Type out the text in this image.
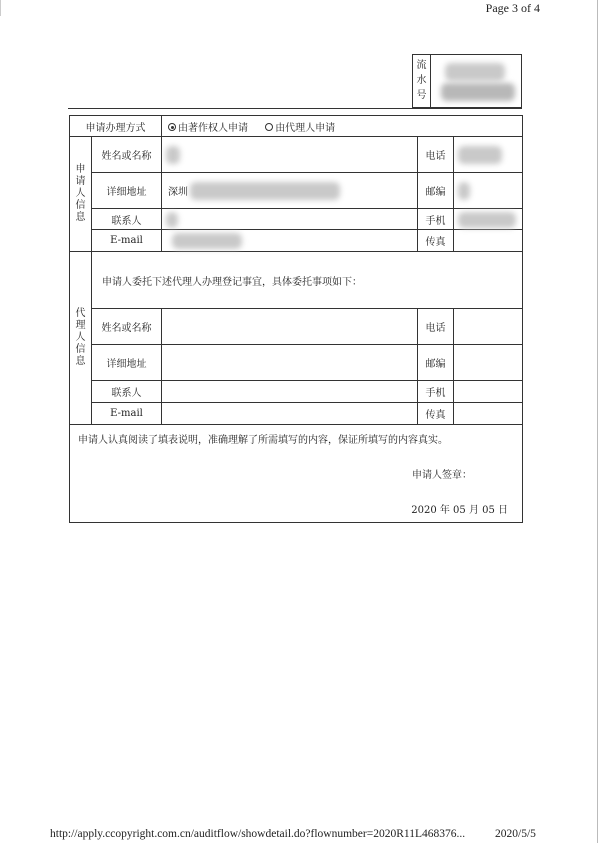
Page 3 of 4
流
水
号
申请办理方式		由著作权人申请 由代理人申请		
申
请
人
信
息	姓名或名称		电话	

	详细地址	深圳	邮编	

	联系人		手机	

	E-mail		传真	
代
理
人
信
息	申请人委托下述代理人办理登记事宜，具体委托事项如下：			
	姓名或名称		电话	
	详细地址		邮编	
	联系人		手机	
	E-mail		传真	

申请人认真阅读了填表说明，准确理解了所需填写的内容，保证所填写的内容真实。
申请人签章：
2020 年 05 月 05 日				
http://apply.ccopyright.com.cn/auditflow/showdetail.do?flownumber=2020R11L468376...	2020/5/5
